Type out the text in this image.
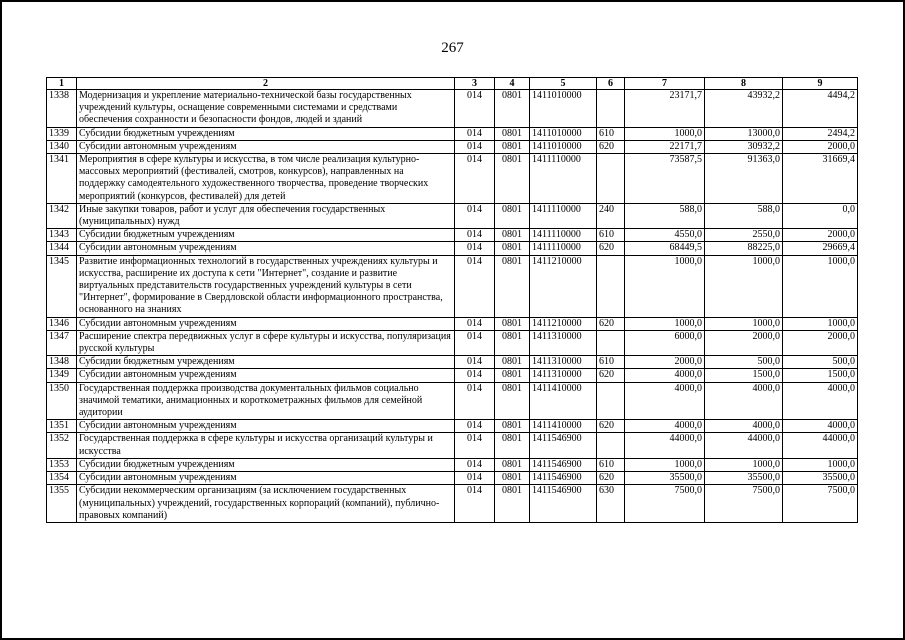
267
1	2	3	4	5	6	7	8	9
1338	Модернизация и укрепление материально-технической базы государственных учреждений культуры, оснащение современными системами и средствами обеспечения сохранности и безопасности фондов, людей и зданий	014	0801	1411010000		23171,7	43932,2	4494,2
1339	Субсидии бюджетным учреждениям	014	0801	1411010000	610	1000,0	13000,0	2494,2
1340	Субсидии автономным учреждениям	014	0801	1411010000	620	22171,7	30932,2	2000,0
1341	Мероприятия в сфере культуры и искусства, в том числе реализация культурно-массовых мероприятий (фестивалей, смотров, конкурсов), направленных на поддержку самодеятельного художественного творчества, проведение творческих мероприятий (конкурсов, фестивалей) для детей	014	0801	1411110000		73587,5	91363,0	31669,4
1342	Иные закупки товаров, работ и услуг для обеспечения государственных (муниципальных) нужд	014	0801	1411110000	240	588,0	588,0	0,0
1343	Субсидии бюджетным учреждениям	014	0801	1411110000	610	4550,0	2550,0	2000,0
1344	Субсидии автономным учреждениям	014	0801	1411110000	620	68449,5	88225,0	29669,4
1345	Развитие информационных технологий в государственных учреждениях культуры и искусства, расширение их доступа к сети "Интернет", создание и развитие виртуальных представительств государственных учреждений культуры в сети "Интернет", формирование в Свердловской области информационного пространства, основанного на знаниях	014	0801	1411210000		1000,0	1000,0	1000,0
1346	Субсидии автономным учреждениям	014	0801	1411210000	620	1000,0	1000,0	1000,0
1347	Расширение спектра передвижных услуг в сфере культуры и искусства, популяризация русской культуры	014	0801	1411310000		6000,0	2000,0	2000,0
1348	Субсидии бюджетным учреждениям	014	0801	1411310000	610	2000,0	500,0	500,0
1349	Субсидии автономным учреждениям	014	0801	1411310000	620	4000,0	1500,0	1500,0
1350	Государственная поддержка производства документальных фильмов социально значимой тематики, анимационных и короткометражных фильмов для семейной аудитории	014	0801	1411410000		4000,0	4000,0	4000,0
1351	Субсидии автономным учреждениям	014	0801	1411410000	620	4000,0	4000,0	4000,0
1352	Государственная поддержка в сфере культуры и искусства организаций культуры и искусства	014	0801	1411546900		44000,0	44000,0	44000,0
1353	Субсидии бюджетным учреждениям	014	0801	1411546900	610	1000,0	1000,0	1000,0
1354	Субсидии автономным учреждениям	014	0801	1411546900	620	35500,0	35500,0	35500,0
1355	Субсидии некоммерческим организациям (за исключением государственных (муниципальных) учреждений, государственных корпораций (компаний), публично-правовых компаний)	014	0801	1411546900	630	7500,0	7500,0	7500,0
